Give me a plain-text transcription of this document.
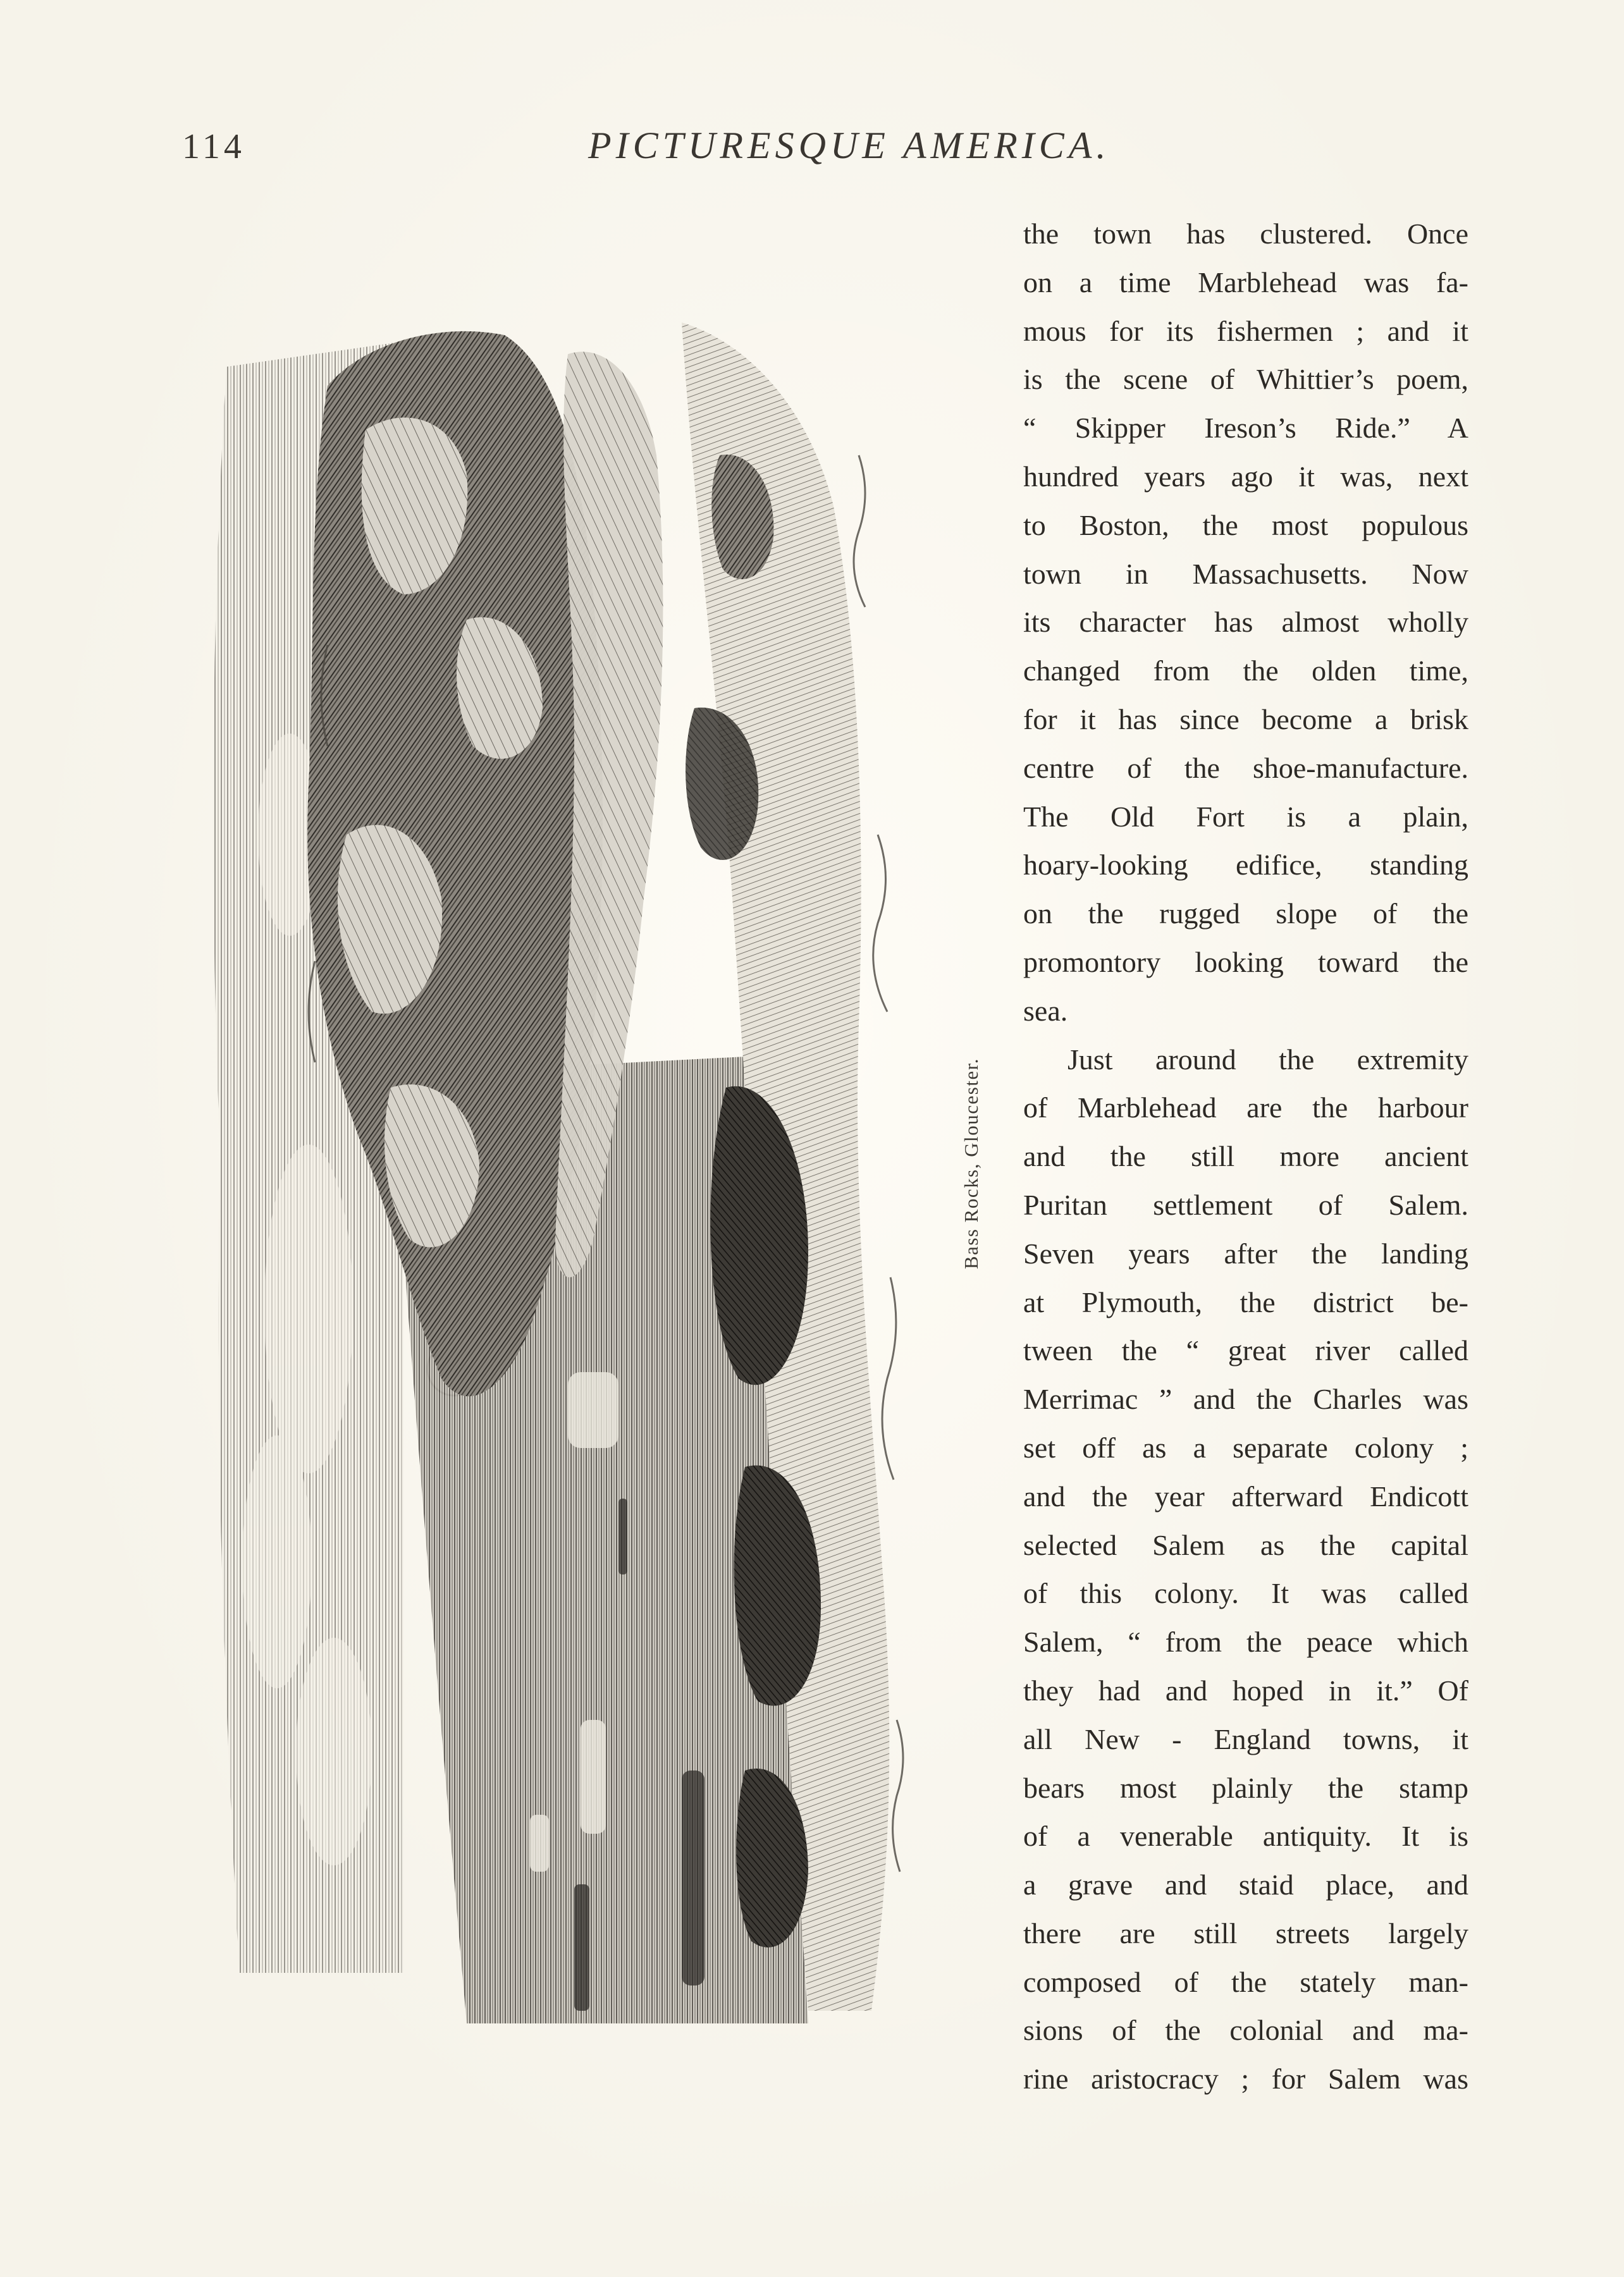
114	PICTURESQUE AMERICA.
Bass Rocks, Gloucester.
the town has clustered. Once
on a time Marblehead was fa-
mous for its fishermen ; and it
is the scene of Whittier’s poem,
“ Skipper Ireson’s Ride.” A
hundred years ago it was, next
to Boston, the most populous
town in Massachusetts. Now
its character has almost wholly
changed from the olden time,
for it has since become a brisk
centre of the shoe-manufacture.
The Old Fort is a plain,
hoary-looking edifice, standing
on the rugged slope of the
promontory looking toward the
sea.
Just around the extremity
of Marblehead are the harbour
and the still more ancient
Puritan settlement of Salem.
Seven years after the landing
at Plymouth, the district be-
tween the “ great river called
Merrimac ” and the Charles was
set off as a separate colony ;
and the year afterward Endicott
selected Salem as the capital
of this colony. It was called
Salem, “ from the peace which
they had and hoped in it.” Of
all New - England towns, it
bears most plainly the stamp
of a venerable antiquity. It is
a grave and staid place, and
there are still streets largely
composed of the stately man-
sions of the colonial and ma-
rine aristocracy ; for Salem was
